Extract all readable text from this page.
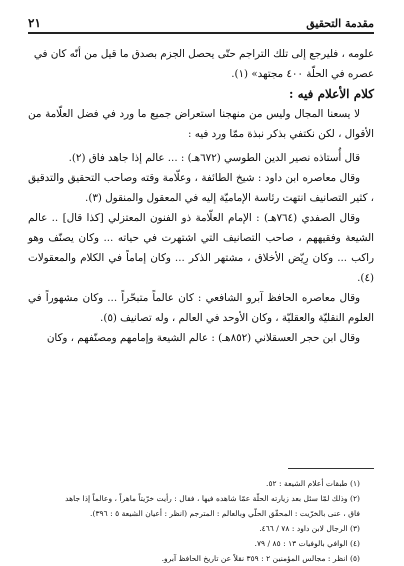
مقدمة التحقيق
٢١

علومه ، فليرجع إلى تلك التراجم حتّى يحصل الجزم بصدق ما قيل من أنّه كان في

عصره في الحلّة ٤٠٠ مجتهد» (١).

كلام الأعلام فيه :

لا يسعنا المجال وليس من منهجنا استعراض جميع ما ورد في فضل العلّامة من الأقوال ، لكن نكتفي بذكر نبذة ممّا ورد فيه :

قال أُستاذه نصير الدين الطوسي (٦٧٢هـ) : ... عالم إذا جاهد فاق (٢).

وقال معاصره ابن داود : شيخ الطائفة ، وعلّامة وقته وصاحب التحقيق والتدقيق ، كثير التصانيف انتهت رئاسة الإماميّة إليه في المعقول والمنقول (٣).

وقال الصفدي (٧٦٤هـ) : الإمام العلّامة ذو الفنون المعتزلي [كذا قال] .. عالم الشيعة وفقيههم ، صاحب التصانيف التي اشتهرت في حياته ... وكان يصنّف وهو راكب ... وكان رِيّض الأخلاق ، مشتهر الذكر ... وكان إماماً في الكلام والمعقولات (٤).

وقال معاصره الحافظ آبرو الشافعي : كان عالماً متبحّراً ... وكان مشهوراً في العلوم النقليّة والعقليّة ، وكان الأوحد في العالم ، وله تصانيف (٥).

وقال ابن حجر العسقلاني (٨٥٢هـ) : عالم الشيعة وإمامهم ومصنّفهم ، وكان

(١) طبقات أعلام الشيعة : ٥٢.

(٢) وذلك لمّا سئل بعد زيارته الحلّة عمّا شاهده فيها ، فقال : رأيت خرّيتاً ماهراً ، وعالماً إذا جاهد

فاق ، عنى بالخرّيت : المحقّق الحلّي وبالعالم : المترجم (انظر : أعيان الشيعة ٥ : ٣٩٦).

(٣) الرجال لابن داود : ٧٨ / ٤٦٦.

(٤) الوافي بالوفيات ١٣ : ٨٥ / ٧٩.

(٥) انظر : مجالس المؤمنين ٢ : ٣٥٩ نقلاً عن تاريخ الحافظ آبرو.
